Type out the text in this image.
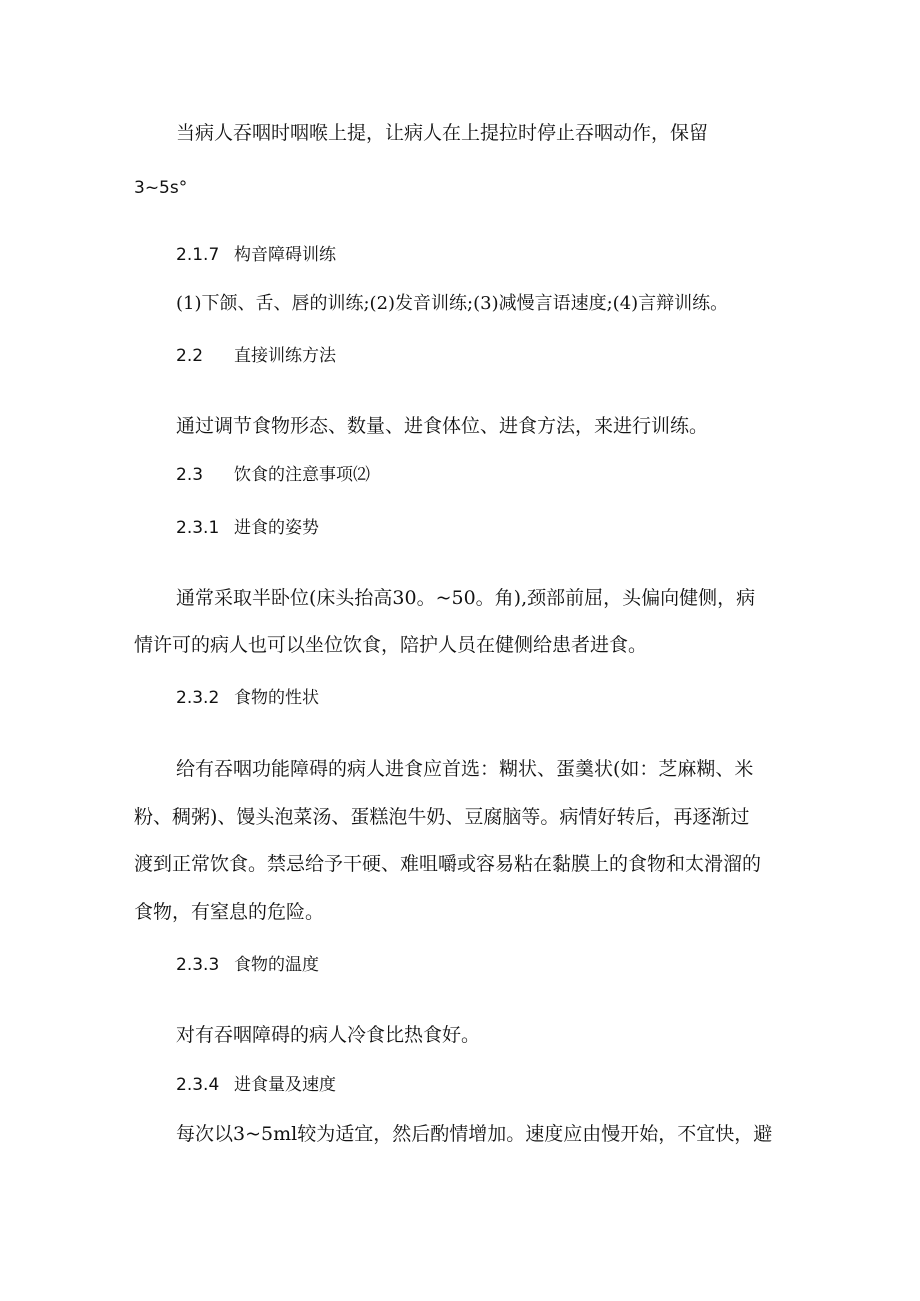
当病人吞咽时咽喉上提，让病人在上提拉时停止吞咽动作，保留

3~5s°

2.1.7 构音障碍训练

(1)下颌、舌、唇的训练;(2)发音训练;(3)减慢言语速度;(4)言辩训练。

2.2 直接训练方法

通过调节食物形态、数量、进食体位、进食方法，来进行训练。

2.3 饮食的注意事项⑵

2.3.1 进食的姿势

通常采取半卧位(床头抬高30。~50。角),颈部前屈，头偏向健侧，病

情许可的病人也可以坐位饮食，陪护人员在健侧给患者进食。

2.3.2 食物的性状

给有吞咽功能障碍的病人进食应首选：糊状、蛋羹状(如：芝麻糊、米

粉、稠粥)、馒头泡菜汤、蛋糕泡牛奶、豆腐脑等。病情好转后，再逐渐过

渡到正常饮食。禁忌给予干硬、难咀嚼或容易粘在黏膜上的食物和太滑溜的

食物，有窒息的危险。

2.3.3 食物的温度

对有吞咽障碍的病人冷食比热食好。

2.3.4 进食量及速度

每次以3~5ml较为适宜，然后酌情增加。速度应由慢开始，不宜快，避
